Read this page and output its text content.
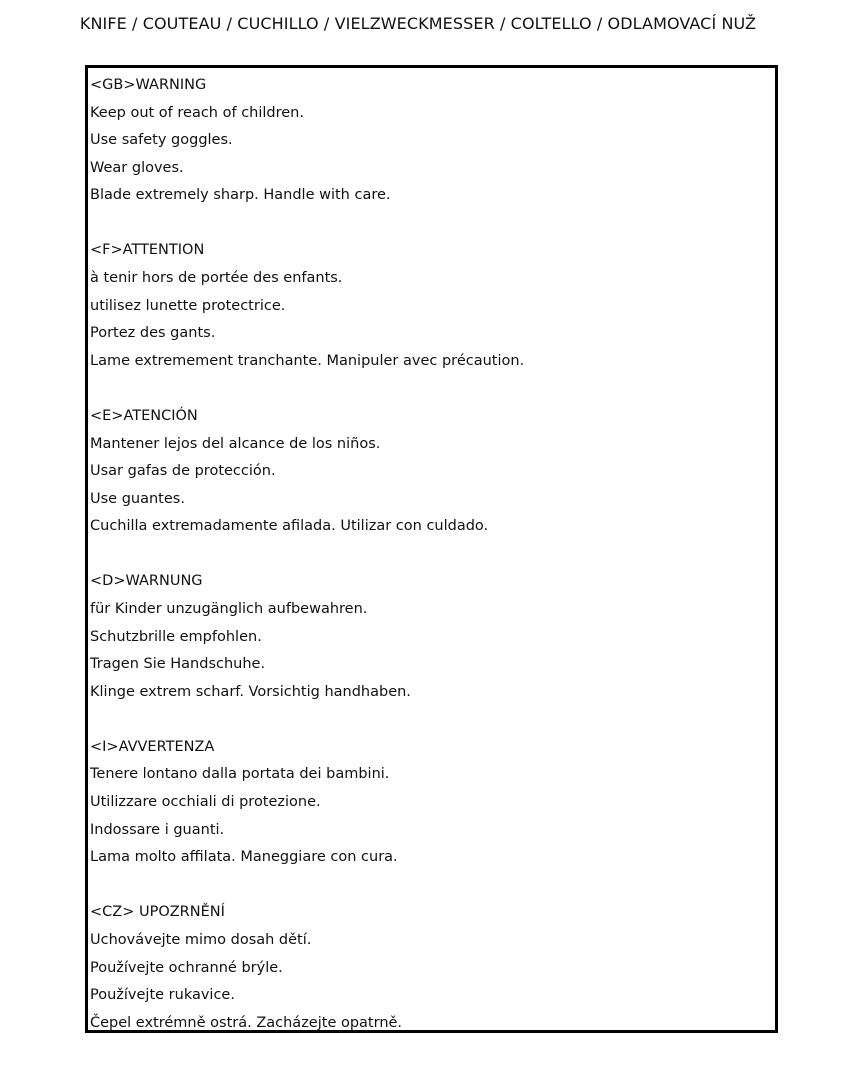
KNIFE / COUTEAU / CUCHILLO / VIELZWECKMESSER / COLTELLO / ODLAMOVACÍ NUŽ
<GB>WARNING
Keep out of reach of children.
Use safety goggles.
Wear gloves.
Blade extremely sharp. Handle with care.
<F>ATTENTION
à tenir hors de portée des enfants.
utilisez lunette protectrice.
Portez des gants.
Lame extremement tranchante. Manipuler avec précaution.
<E>ATENCIÓN
Mantener lejos del alcance de los niños.
Usar gafas de protección.
Use guantes.
Cuchilla extremadamente afilada. Utilizar con culdado.
<D>WARNUNG
für Kinder unzugänglich aufbewahren.
Schutzbrille empfohlen.
Tragen Sie Handschuhe.
Klinge extrem scharf. Vorsichtig handhaben.
<I>AVVERTENZA
Tenere lontano dalla portata dei bambini.
Utilizzare occhiali di protezione.
Indossare i guanti.
Lama molto affilata. Maneggiare con cura.
<CZ> UPOZRNĚNÍ
Uchovávejte mimo dosah dětí.
Používejte ochranné brýle.
Používejte rukavice.
Čepel extrémně ostrá. Zacházejte opatrně.
